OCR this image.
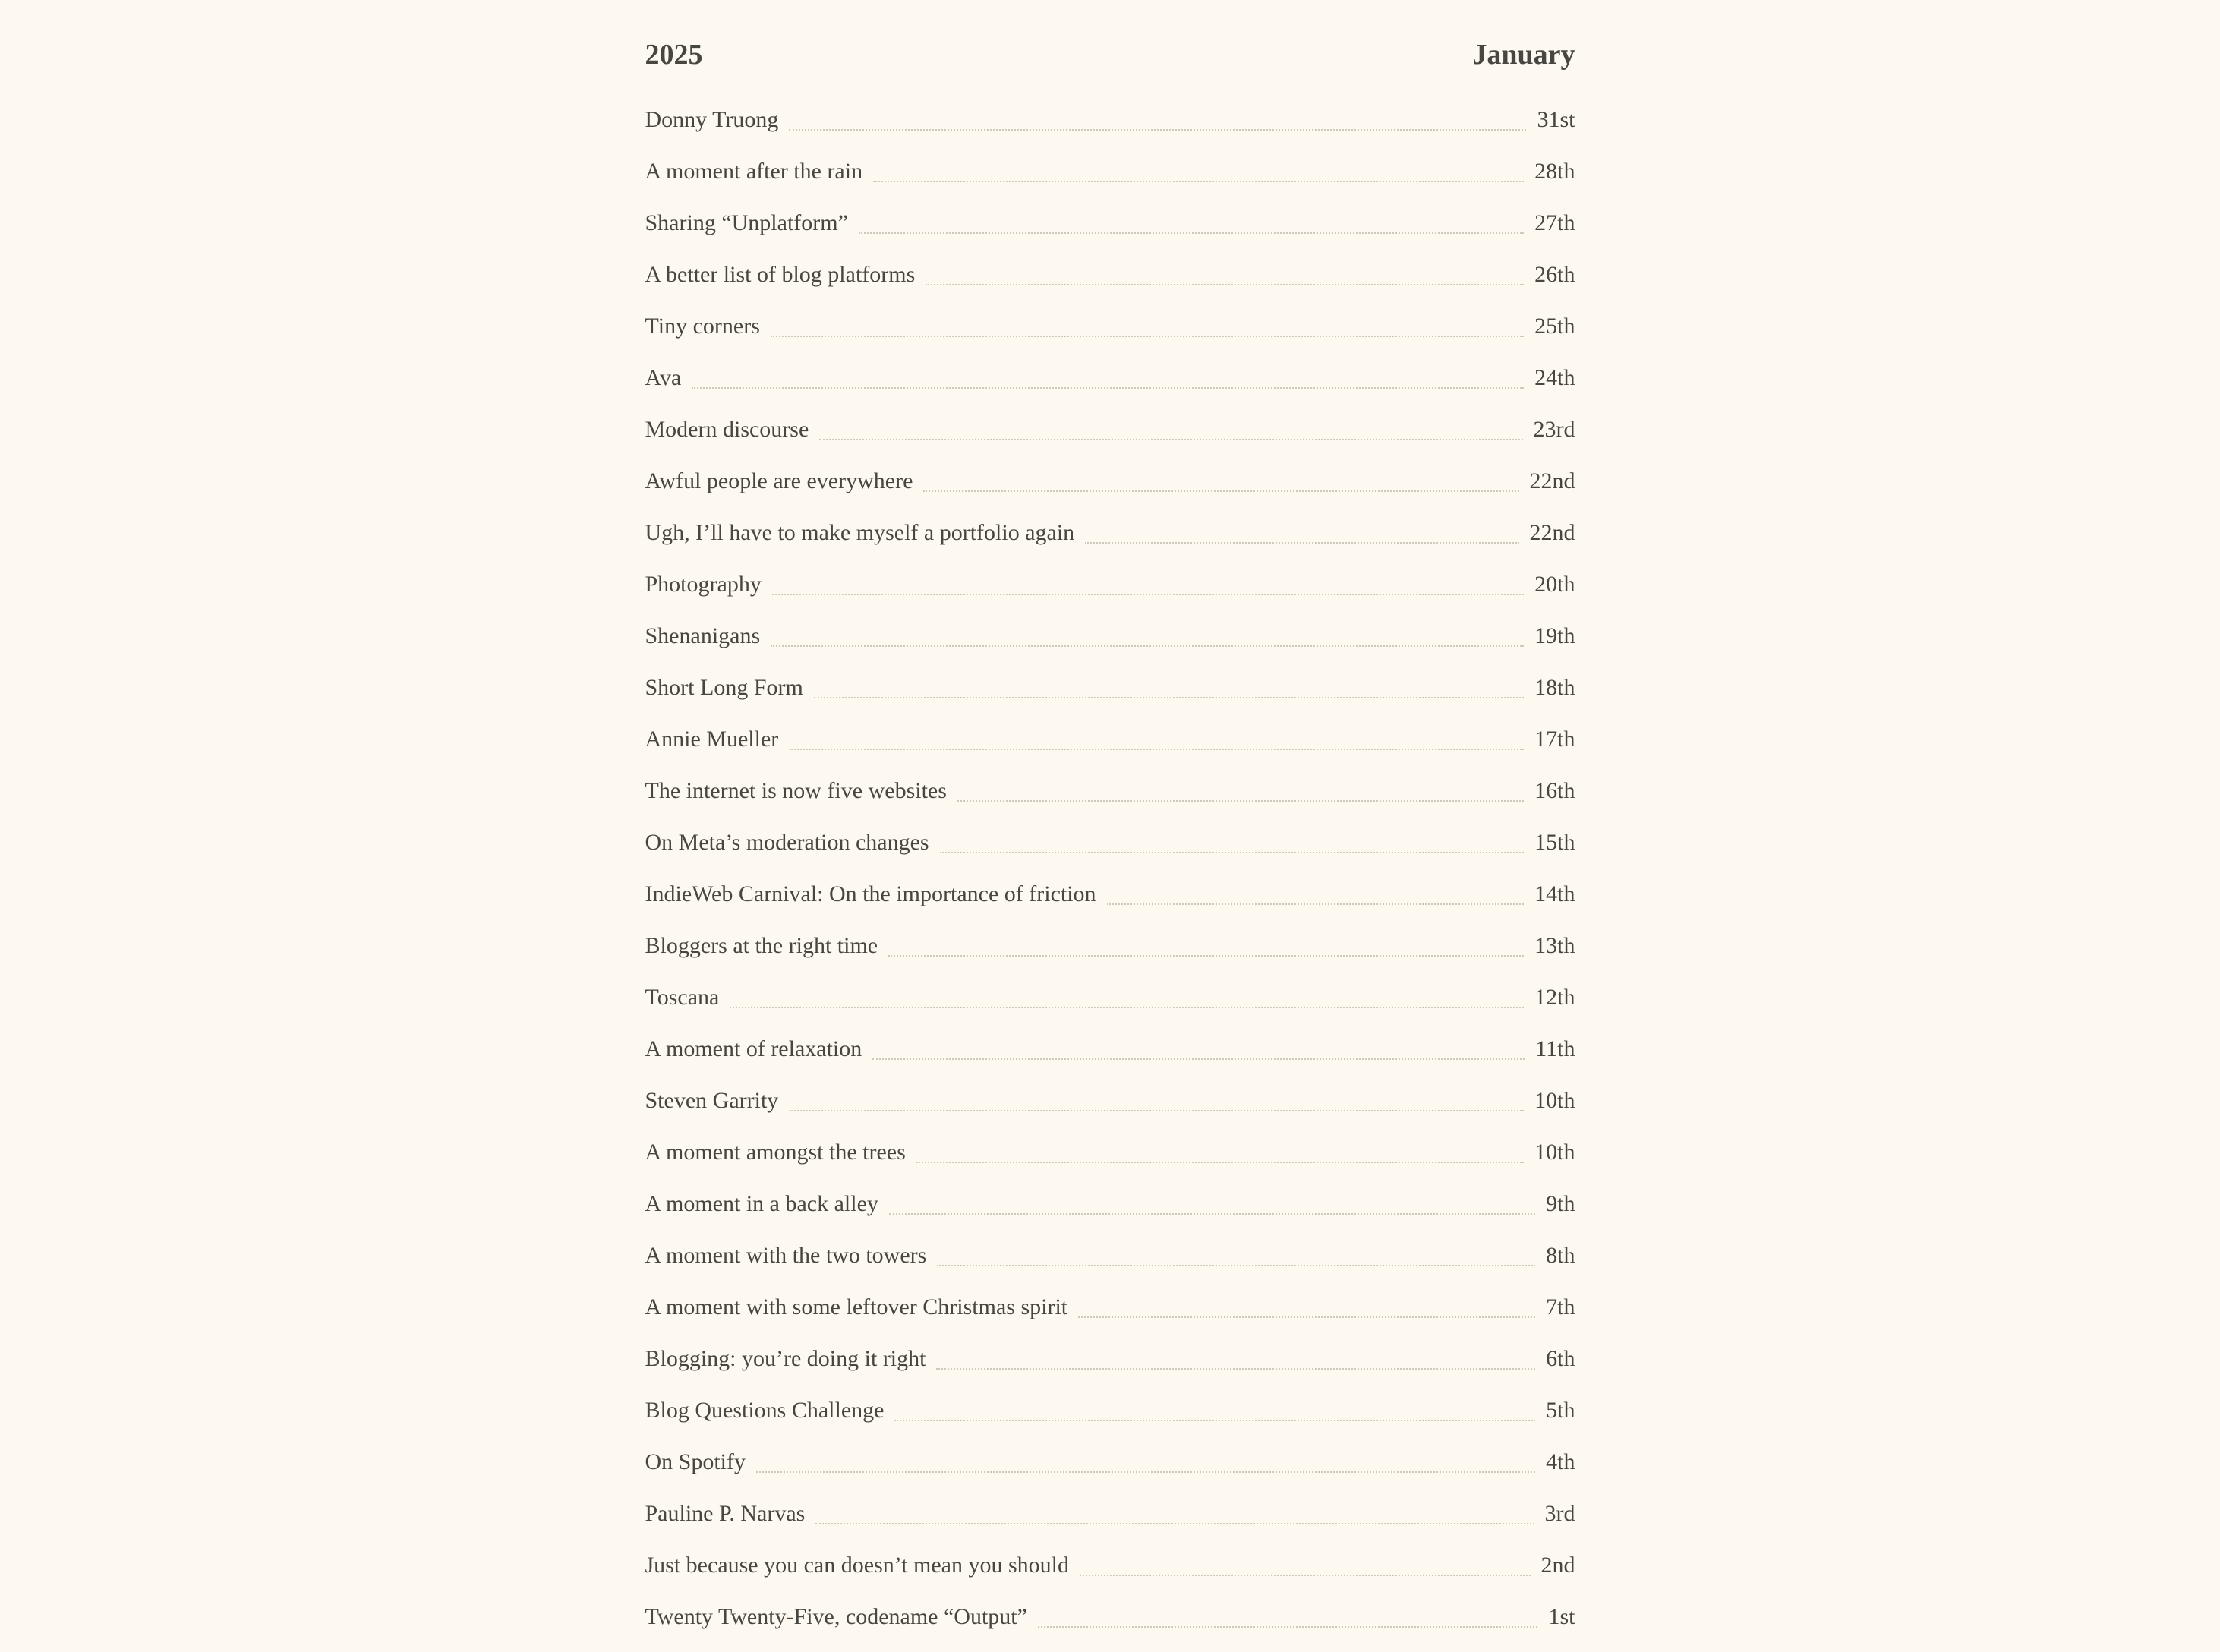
2025	January
Donny Truong	31st
A moment after the rain	28th
Sharing “Unplatform”	27th
A better list of blog platforms	26th
Tiny corners	25th
Ava	24th
Modern discourse	23rd
Awful people are everywhere	22nd
Ugh, I’ll have to make myself a portfolio again	22nd
Photography	20th
Shenanigans	19th
Short Long Form	18th
Annie Mueller	17th
The internet is now five websites	16th
On Meta’s moderation changes	15th
IndieWeb Carnival: On the importance of friction	14th
Bloggers at the right time	13th
Toscana	12th
A moment of relaxation	11th
Steven Garrity	10th
A moment amongst the trees	10th
A moment in a back alley	9th
A moment with the two towers	8th
A moment with some leftover Christmas spirit	7th
Blogging: you’re doing it right	6th
Blog Questions Challenge	5th
On Spotify	4th
Pauline P. Narvas	3rd
Just because you can doesn’t mean you should	2nd
Twenty Twenty-Five, codename “Output”	1st
